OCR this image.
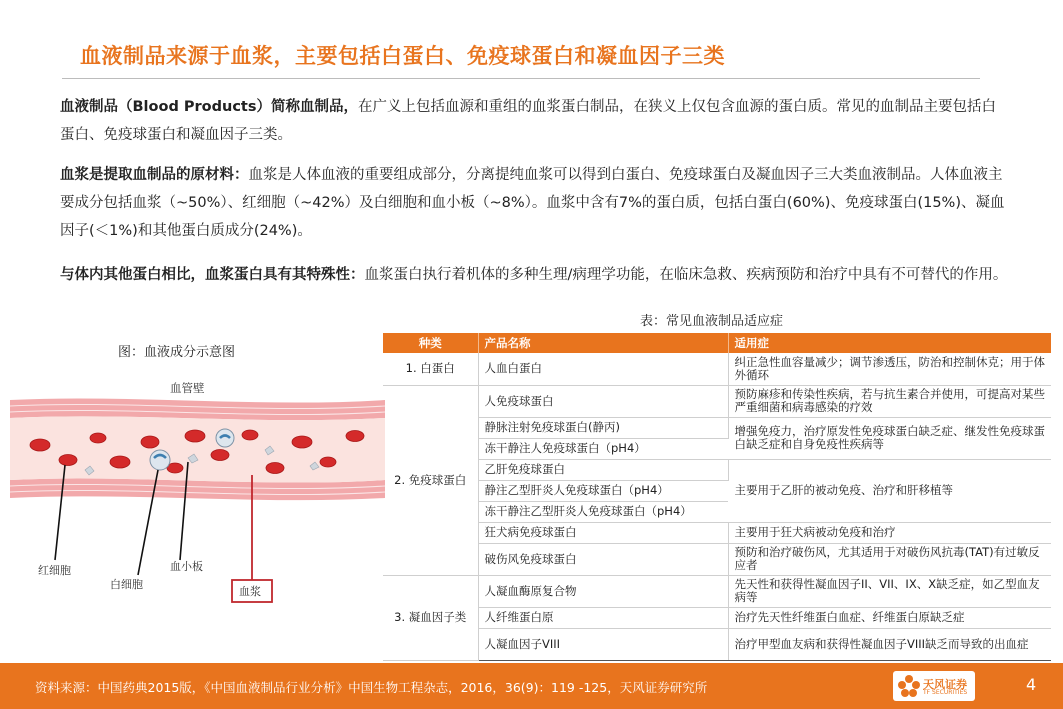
血液制品来源于血浆，主要包括白蛋白、免疫球蛋白和凝血因子三类
血液制品（Blood Products）简称血制品，在广义上包括血源和重组的血浆蛋白制品，在狭义上仅包含血源的蛋白质。常见的血制品主要包括白蛋白、免疫球蛋白和凝血因子三类。
血浆是提取血制品的原材料：血浆是人体血液的重要组成部分，分离提纯血浆可以得到白蛋白、免疫球蛋白及凝血因子三大类血液制品。人体血液主要成分包括血浆（~50%）、红细胞（~42%）及白细胞和血小板（~8%）。血浆中含有7%的蛋白质，包括白蛋白(60%)、免疫球蛋白(15%)、凝血因子(＜1%)和其他蛋白质成分(24%)。
与体内其他蛋白相比，血浆蛋白具有其特殊性：血浆蛋白执行着机体的多种生理/病理学功能，在临床急救、疾病预防和治疗中具有不可替代的作用。
图：血液成分示意图
表：常见血液制品适应症
血管壁
红细胞
白细胞
血小板
血浆
种类	产品名称	适用症
1. 白蛋白	人血白蛋白	纠正急性血容量减少；调节渗透压，防治和控制休克；用于体外循环
2. 免疫球蛋白	人免疫球蛋白	预防麻疹和传染性疾病，若与抗生素合并使用，可提高对某些严重细菌和病毒感染的疗效
	静脉注射免疫球蛋白(静丙)	增强免疫力，治疗原发性免疫球蛋白缺乏症、继发性免疫球蛋白缺乏症和自身免疫性疾病等
	冻干静注人免疫球蛋白（pH4）	
	乙肝免疫球蛋白	主要用于乙肝的被动免疫、治疗和肝移植等
	静注乙型肝炎人免疫球蛋白（pH4）	
	冻干静注乙型肝炎人免疫球蛋白（pH4）	
	狂犬病免疫球蛋白	主要用于狂犬病被动免疫和治疗
	破伤风免疫球蛋白	预防和治疗破伤风，尤其适用于对破伤风抗毒(TAT)有过敏反应者
3. 凝血因子类	人凝血酶原复合物	先天性和获得性凝血因子II、VII、IX、X缺乏症，如乙型血友病等
	人纤维蛋白原	治疗先天性纤维蛋白血症、纤维蛋白原缺乏症
	人凝血因子VIII	治疗甲型血友病和获得性凝血因子VIII缺乏而导致的出血症
资料来源：中国药典2015版，《中国血液制品行业分析》中国生物工程杂志，2016，36(9)：119 -125，天风证券研究所	天风证券
TF SECURITIES	4
